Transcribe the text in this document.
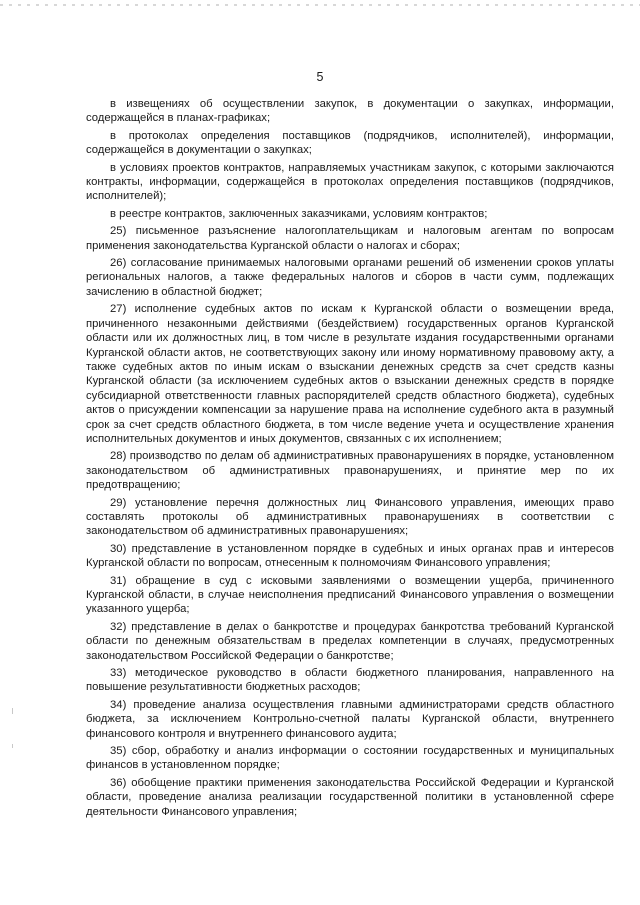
5

в извещениях об осуществлении закупок, в документации о закупках, информации, содержащейся в планах-графиках;

в протоколах определения поставщиков (подрядчиков, исполнителей), информации, содержащейся в документации о закупках;

в условиях проектов контрактов, направляемых участникам закупок, с которыми заключаются контракты, информации, содержащейся в протоколах определения поставщиков (подрядчиков, исполнителей);

в реестре контрактов, заключенных заказчиками, условиям контрактов;

25) письменное разъяснение налогоплательщикам и налоговым агентам по вопросам применения законодательства Курганской области о налогах и сборах;

26) согласование принимаемых налоговыми органами решений об изменении сроков уплаты региональных налогов, а также федеральных налогов и сборов в части сумм, подлежащих зачислению в областной бюджет;

27) исполнение судебных актов по искам к Курганской области о возмещении вреда, причиненного незаконными действиями (бездействием) государственных органов Курганской области или их должностных лиц, в том числе в результате издания государственными органами Курганской области актов, не соответствующих закону или иному нормативному правовому акту, а также судебных актов по иным искам о взыскании денежных средств за счет средств казны Курганской области (за исключением судебных актов о взыскании денежных средств в порядке субсидиарной ответственности главных распорядителей средств областного бюджета), судебных актов о присуждении компенсации за нарушение права на исполнение судебного акта в разумный срок за счет средств областного бюджета, в том числе ведение учета и осуществление хранения исполнительных документов и иных документов, связанных с их исполнением;

28) производство по делам об административных правонарушениях в порядке, установленном законодательством об административных правонарушениях, и принятие мер по их предотвращению;

29) установление перечня должностных лиц Финансового управления, имеющих право составлять протоколы об административных правонарушениях в соответствии с законодательством об административных правонарушениях;

30) представление в установленном порядке в судебных и иных органах прав и интересов Курганской области по вопросам, отнесенным к полномочиям Финансового управления;

31) обращение в суд с исковыми заявлениями о возмещении ущерба, причиненного Курганской области, в случае неисполнения предписаний Финансового управления о возмещении указанного ущерба;

32) представление в делах о банкротстве и процедурах банкротства требований Курганской области по денежным обязательствам в пределах компетенции в случаях, предусмотренных законодательством Российской Федерации о банкротстве;

33) методическое руководство в области бюджетного планирования, направленного на повышение результативности бюджетных расходов;

34) проведение анализа осуществления главными администраторами средств областного бюджета, за исключением Контрольно-счетной палаты Курганской области, внутреннего финансового контроля и внутреннего финансового аудита;

35) сбор, обработку и анализ информации о состоянии государственных и муниципальных финансов в установленном порядке;

36) обобщение практики применения законодательства Российской Федерации и Курганской области, проведение анализа реализации государственной политики в установленной сфере деятельности Финансового управления;
